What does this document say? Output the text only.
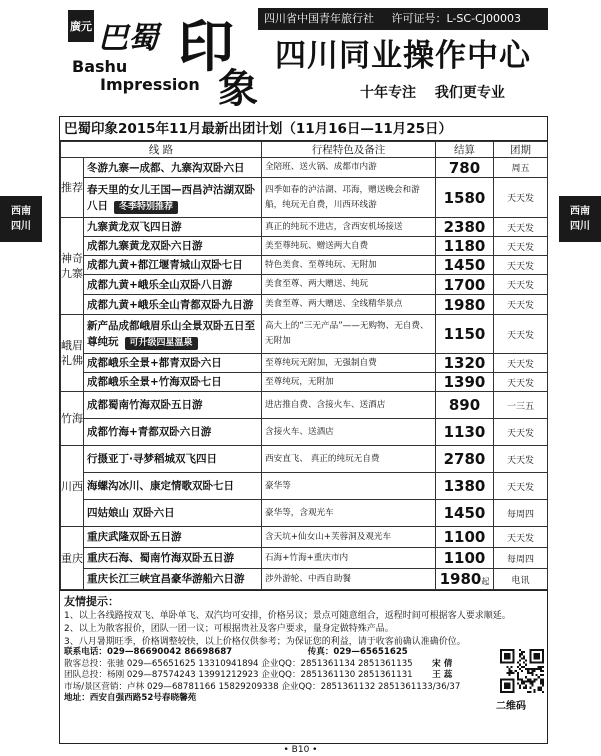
廣元 巴蜀 印
象
Bashu
Impression
四川省中国青年旅行社 许可证号：L-SC-CJ00003
四川同业操作中心
十年专注 我们更专业
西南
四川
西南
四川
巴蜀印象2015年11月最新出团计划（11月16日—11月25日）
线 路		行程特色及备注	结算	团期
推荐	冬游九寨—成都、九寨沟双卧六日	全陪班、送火锅、成都市内游	780	周五
	春天里的女儿王国—西昌泸沽湖双卧八日 冬季特别推荐	四季如春的泸沽湖、邛海，赠送晚会和游船，纯玩无自费，川西环线游	1580	天天发
神奇九寨	九寨黄龙双飞四日游	真正的纯玩不进店，含西安机场接送	2380	天天发
	成都九寨黄龙双卧六日游	美至尊纯玩、赠送两大自费	1180	天天发
	成都九黄+都江堰青城山双卧七日	特色美食、至尊纯玩、无附加	1450	天天发
	成都九黄+峨乐全山双卧八日游	美食至尊、两大赠送、纯玩	1700	天天发
	成都九黄+峨乐全山青都双卧九日游	美食至尊、两大赠送、全线精华景点	1980	天天发
峨眉礼佛	新产品成都峨眉乐山全景双卧五日至尊纯玩 可升级四星温泉	高大上的“三无产品”——无购物、无自费、无附加	1150	天天发
	成都峨乐全景+都青双卧六日	至尊纯玩无附加，无强制自费	1320	天天发
	成都峨乐全景+竹海双卧七日	至尊纯玩，无附加	1390	天天发
竹海	成都蜀南竹海双卧五日游	进店推自费、含接火车、送酒店	890	一三五
	成都竹海+青都双卧六日游	含接火车、送酒店	1130	天天发
川西	行摄亚丁·寻梦稻城双飞四日	西安直飞、 真正的纯玩无自费	2780	天天发
	海螺沟冰川、康定情歌双卧七日	豪华等	1380	天天发
	四姑娘山 双卧六日	豪华等，含观光车	1450	每周四
重庆	重庆武隆双卧五日游	含天坑+仙女山+芙蓉洞及观光车	1100	天天发
	重庆石海、蜀南竹海双卧五日游	石海+竹海+重庆市内	1100	每周四
	重庆长江三峡宜昌豪华游船六日游	涉外游轮、中西自助餐	1980起	电讯
友情提示：
1、以上各线路按双飞、单卧单飞、双汽均可安排，价格另议；景点可随意组合，返程时间可根据客人要求顺延。
2、以上为散客报价，团队一团一议；可根据贵社及客户要求，量身定做特殊产品。
3、八月暑期旺季，价格调整较快，以上价格仅供参考；为保证您的利益，请于收客前确认准确价位。
联系电话：029—86690042 86698687	传真：029—65651625
散客总投：张驰 029—65651625 13310941894 企业QQ：2851361134 2851361135 宋 倩
团队总投：杨刚 029—87574243 13991212923 企业QQ：2851361130 2851361131 王 蕊
市场/景区营销：卢林 029—68781166 15829209338 企业QQ：2851361132 2851361133/36/37
地址：西安自强西路52号春晓馨苑
二维码
• B10 •
